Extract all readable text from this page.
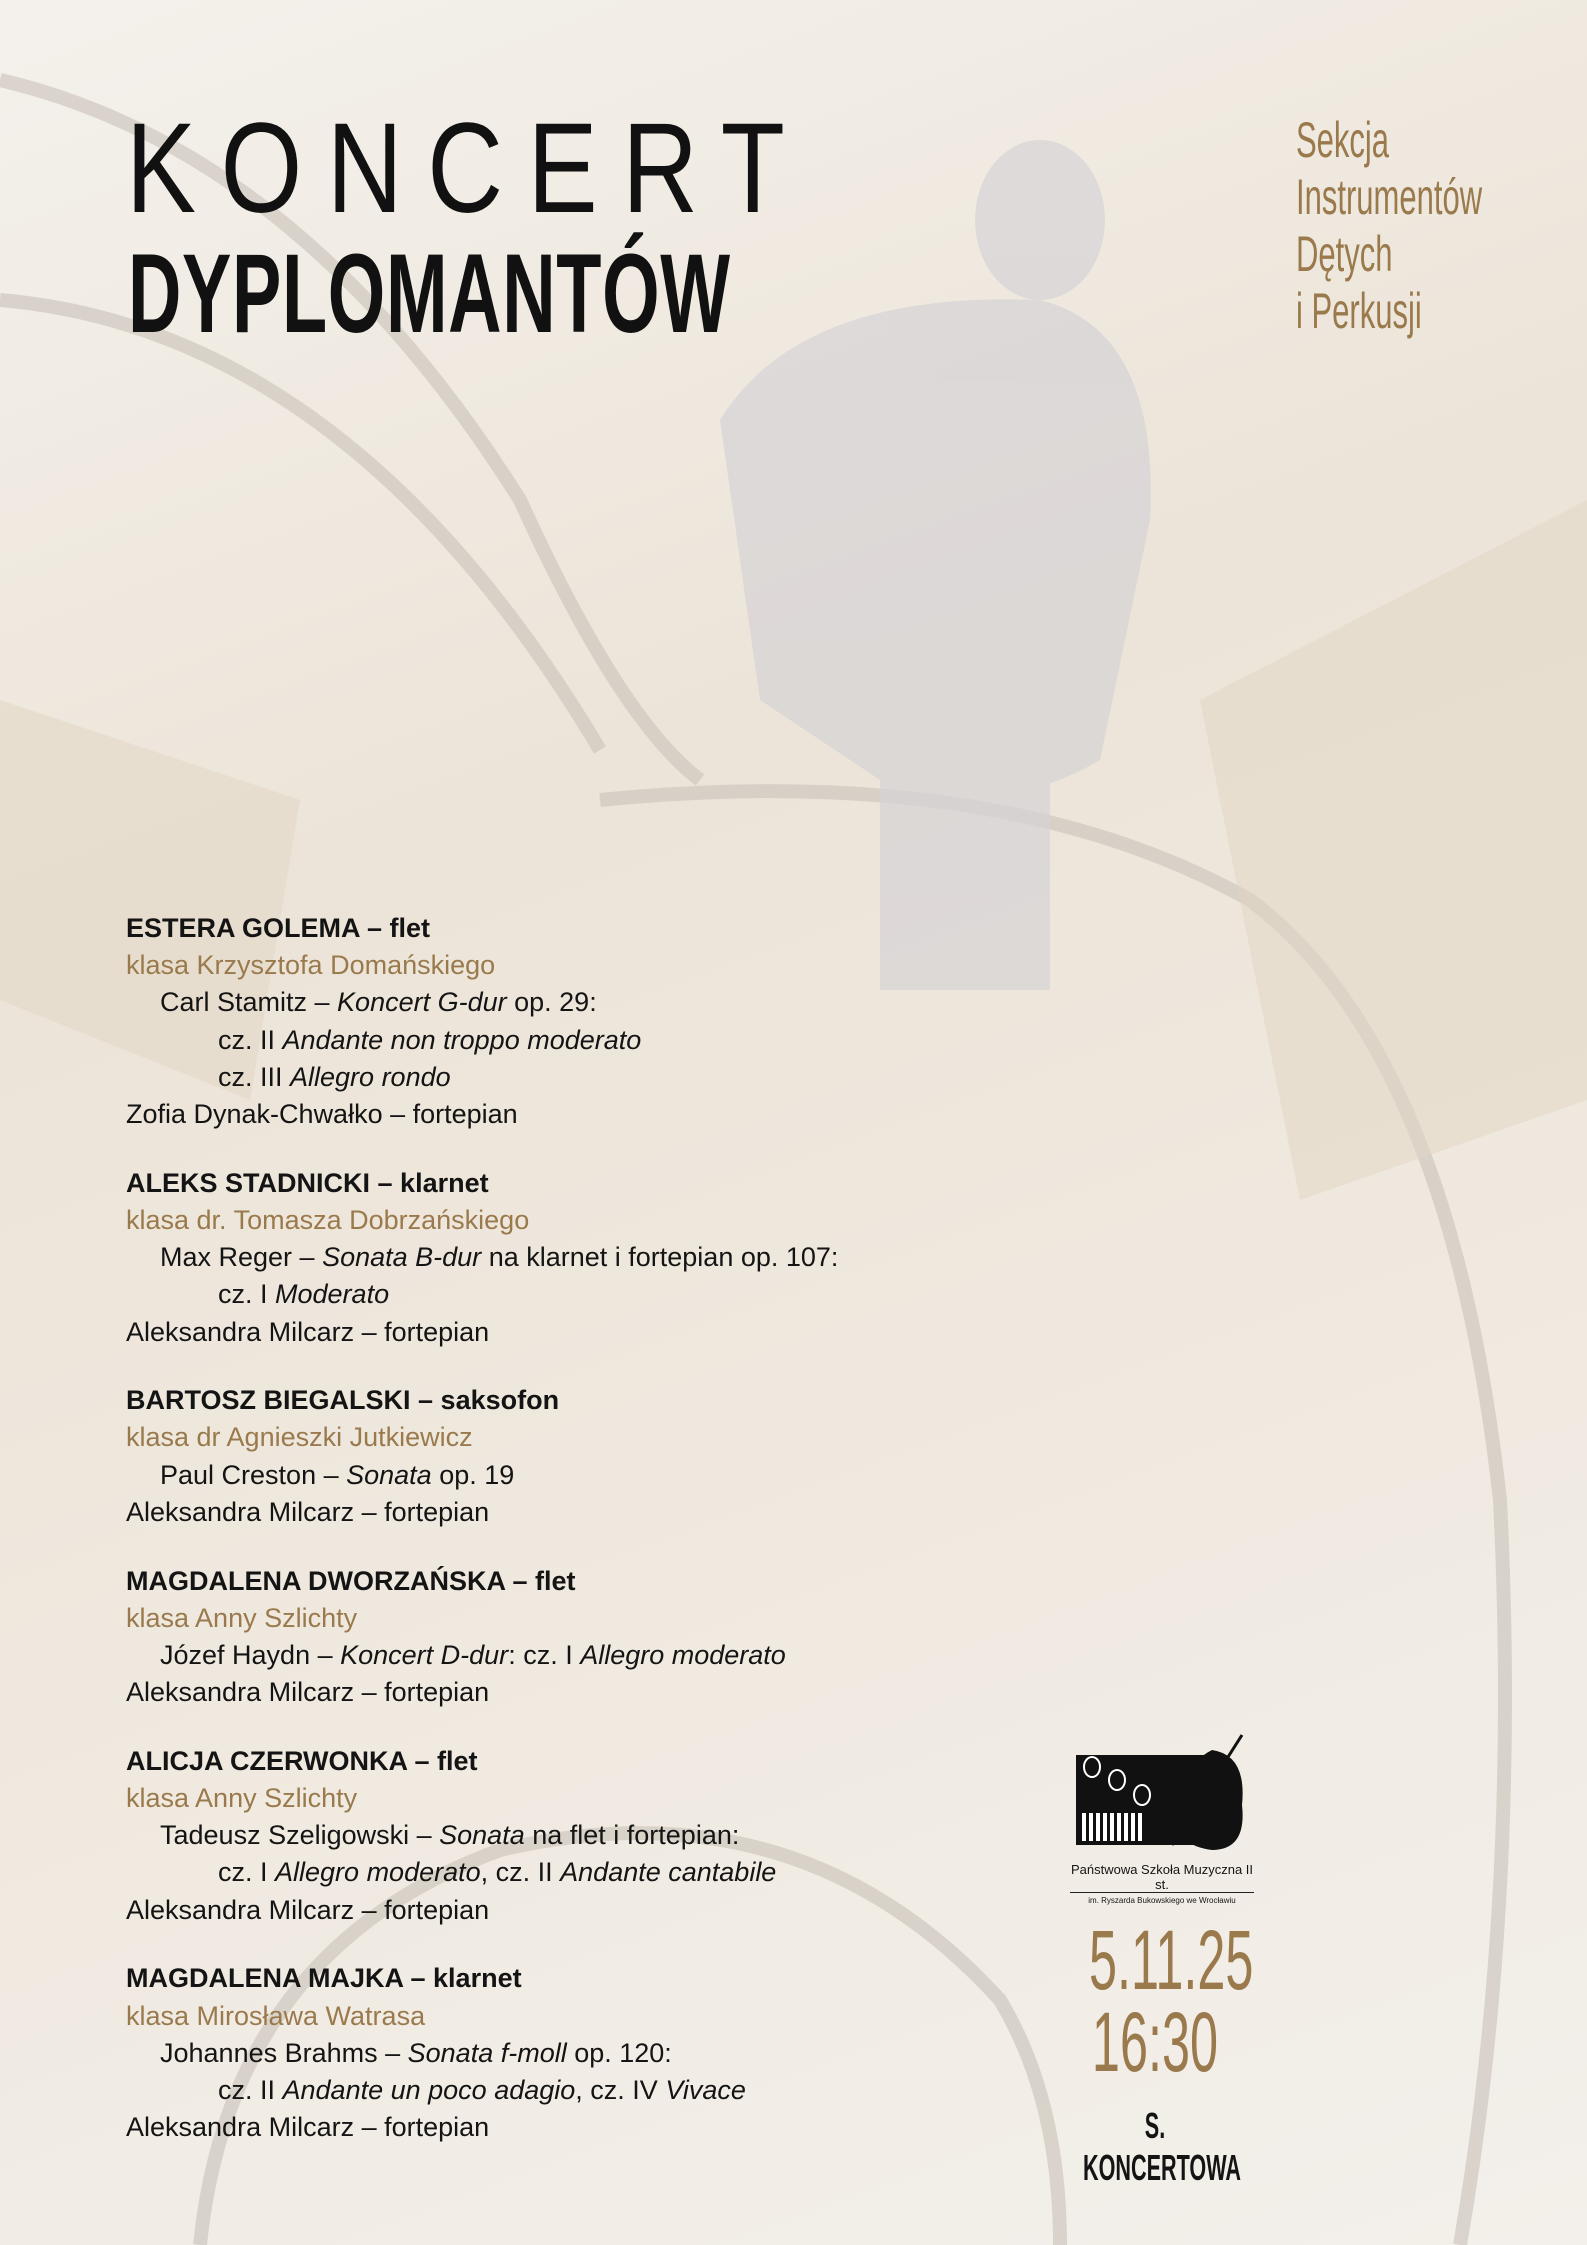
KONCERT
DYPLOMANTÓW
Sekcja
Instrumentów
Dętych
i Perkusji
ESTERA GOLEMA – flet
klasa Krzysztofa Domańskiego
Carl Stamitz – Koncert G-dur op. 29:
cz. II Andante non troppo moderato
cz. III Allegro rondo
Zofia Dynak-Chwałko – fortepian
ALEKS STADNICKI – klarnet
klasa dr. Tomasza Dobrzańskiego
Max Reger – Sonata B-dur na klarnet i fortepian op. 107:
cz. I Moderato
Aleksandra Milcarz – fortepian
BARTOSZ BIEGALSKI – saksofon
klasa dr Agnieszki Jutkiewicz
Paul Creston – Sonata op. 19
Aleksandra Milcarz – fortepian
MAGDALENA DWORZAŃSKA – flet
klasa Anny Szlichty
Józef Haydn – Koncert D-dur: cz. I Allegro moderato
Aleksandra Milcarz – fortepian
ALICJA CZERWONKA – flet
klasa Anny Szlichty
Tadeusz Szeligowski – Sonata na flet i fortepian:
cz. I Allegro moderato, cz. II Andante cantabile
Aleksandra Milcarz – fortepian
MAGDALENA MAJKA – klarnet
klasa Mirosława Watrasa
Johannes Brahms – Sonata f-moll op. 120:
cz. II Andante un poco adagio, cz. IV Vivace
Aleksandra Milcarz – fortepian
Państwowa Szkoła Muzyczna II st.
im. Ryszarda Bukowskiego we Wrocławiu
5.11.25
16:30
S. KONCERTOWA
